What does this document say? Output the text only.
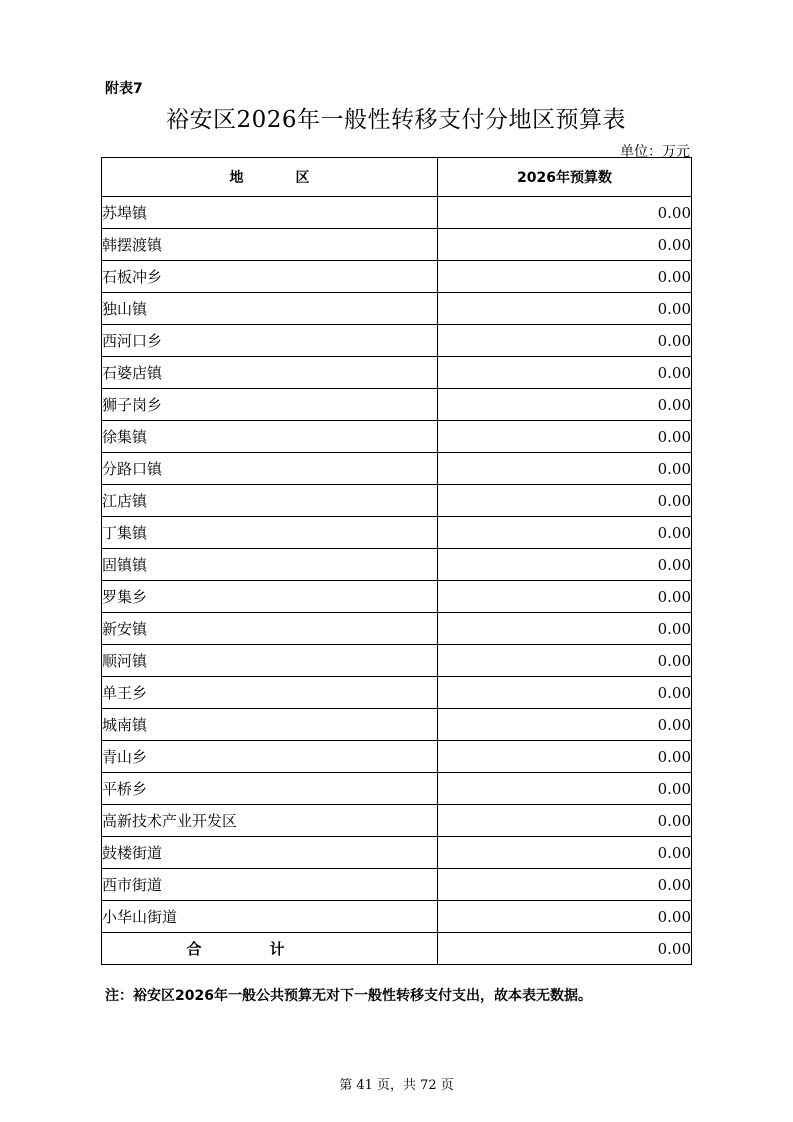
附表7
裕安区2026年一般性转移支付分地区预算表
单位：万元
地区	2026年预算数
苏埠镇	0.00
韩摆渡镇	0.00
石板冲乡	0.00
独山镇	0.00
西河口乡	0.00
石婆店镇	0.00
狮子岗乡	0.00
徐集镇	0.00
分路口镇	0.00
江店镇	0.00
丁集镇	0.00
固镇镇	0.00
罗集乡	0.00
新安镇	0.00
顺河镇	0.00
单王乡	0.00
城南镇	0.00
青山乡	0.00
平桥乡	0.00
高新技术产业开发区	0.00
鼓楼街道	0.00
西市街道	0.00
小华山街道	0.00
合计	0.00
注：裕安区2026年一般公共预算无对下一般性转移支付支出，故本表无数据。
第 41 页，共 72 页
